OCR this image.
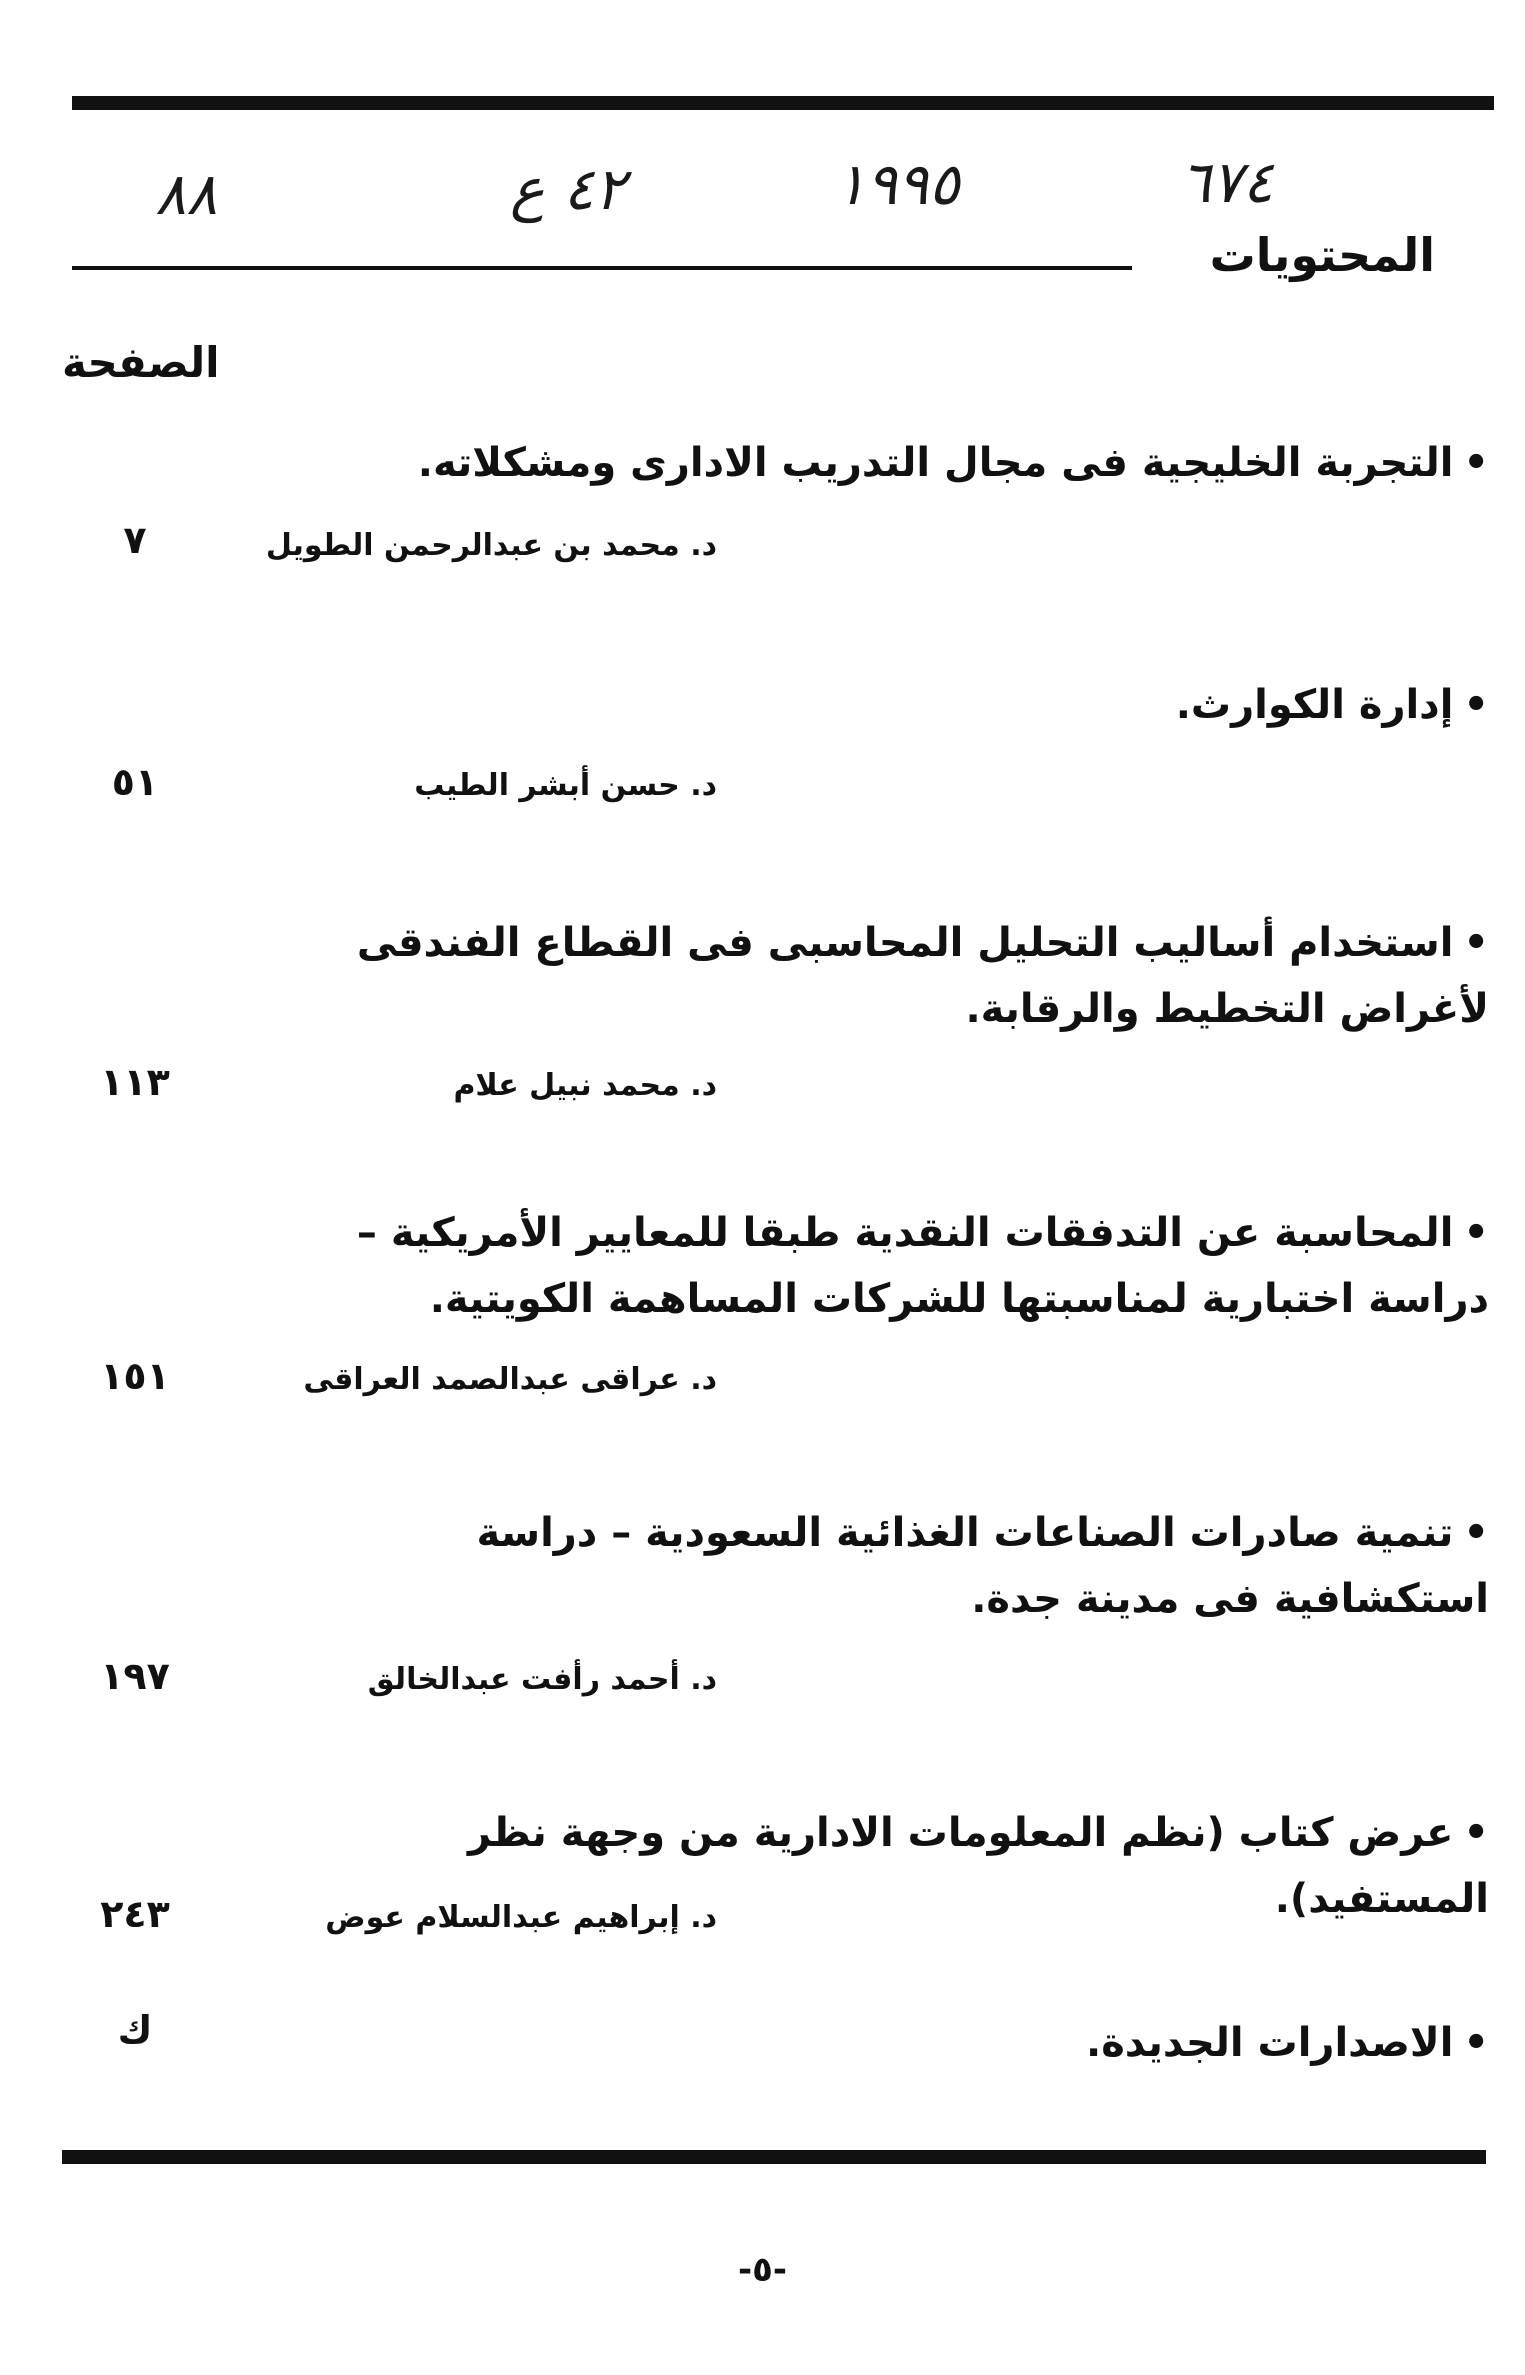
٨٨	٤٢ ع	١٩٩٥	٦٧٤
المحتويات
الصفحة
•التجربة الخليجية فى مجال التدريب الادارى ومشكلاته.
د. محمد بن عبدالرحمن الطويل
٧
•إدارة الكوارث.
د. حسن أبشر الطيب
٥١
•استخدام أساليب التحليل المحاسبى فى القطاع الفندقى لأغراض التخطيط والرقابة.
د. محمد نبيل علام
١١٣
•المحاسبة عن التدفقات النقدية طبقا للمعايير الأمريكية – دراسة اختبارية لمناسبتها للشركات المساهمة الكويتية.
د. عراقى عبدالصمد العراقى
١٥١
•تنمية صادرات الصناعات الغذائية السعودية – دراسة استكشافية فى مدينة جدة.
د. أحمد رأفت عبدالخالق
١٩٧
•عرض كتاب (نظم المعلومات الادارية من وجهة نظر المستفيد).
د. إبراهيم عبدالسلام عوض
٢٤٣
•الاصدارات الجديدة.
ك
-٥-
